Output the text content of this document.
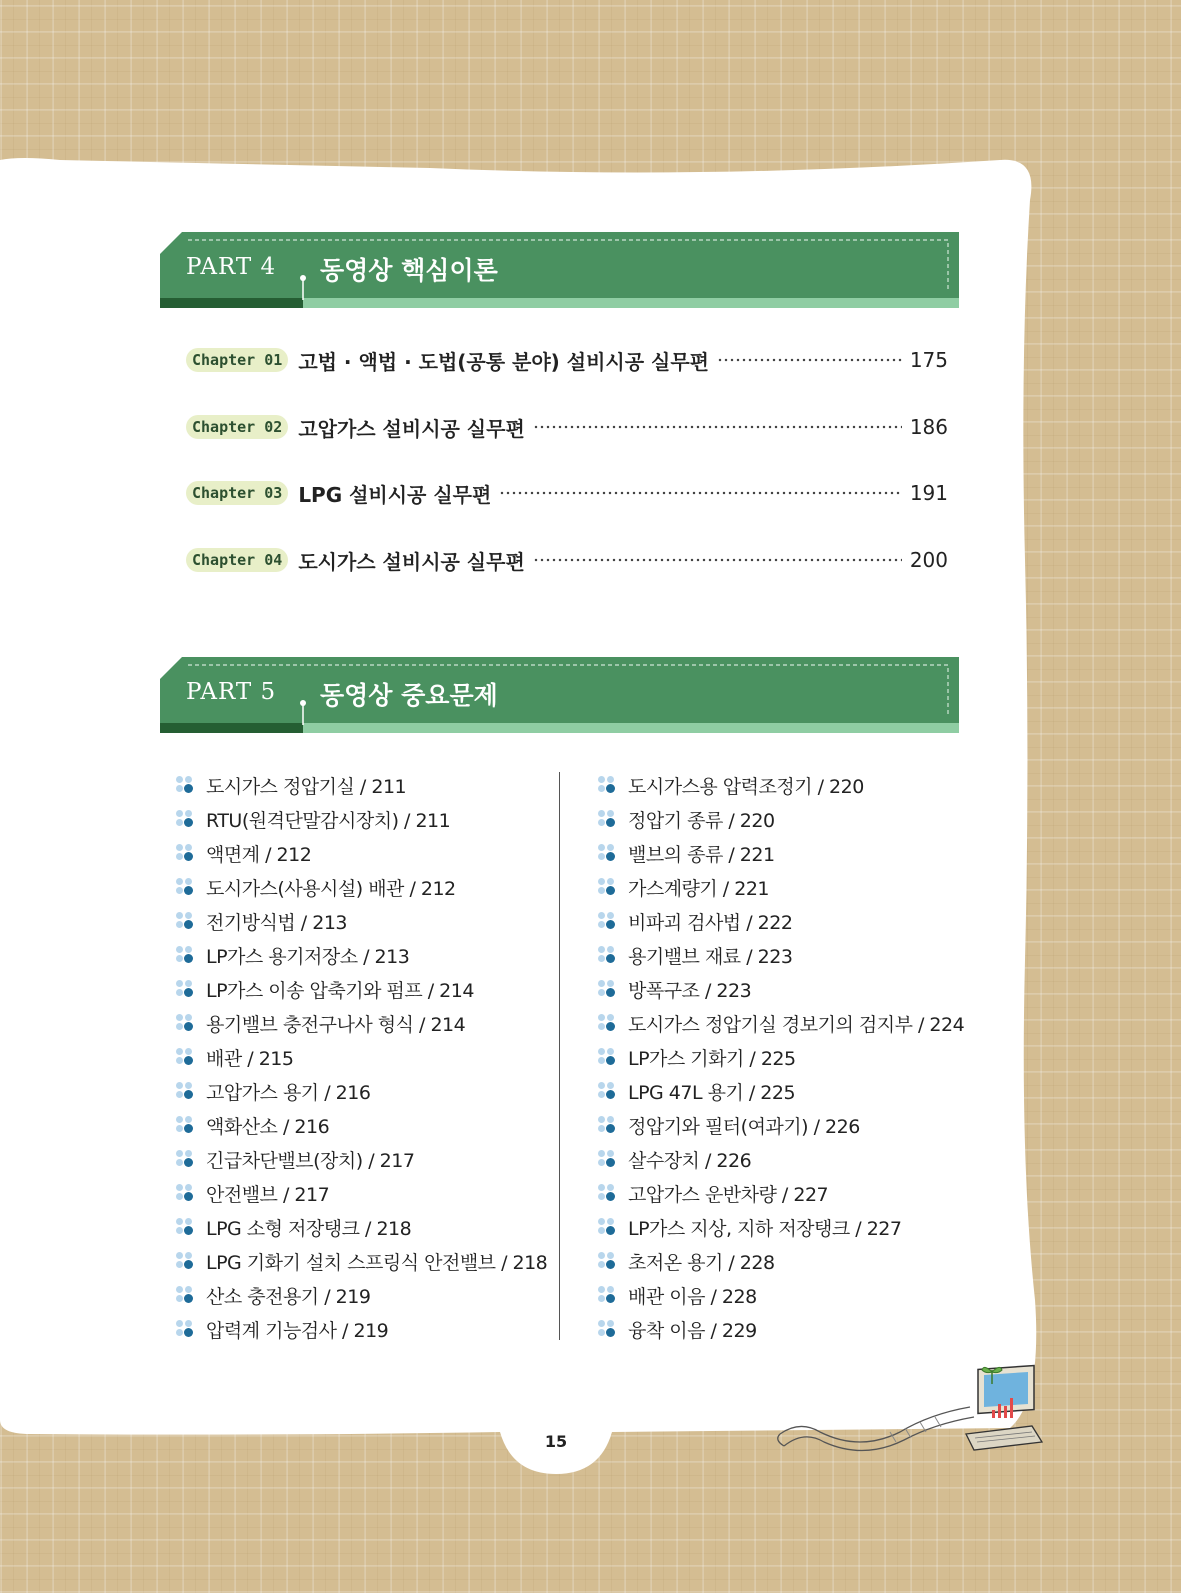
PART 4 동영상 핵심이론
Chapter 01 고법 · 액법 · 도법(공통 분야) 설비시공 실무편	175
Chapter 02 고압가스 설비시공 실무편	186
Chapter 03 LPG 설비시공 실무편	191
Chapter 04 도시가스 설비시공 실무편	200
PART 5 동영상 중요문제
도시가스 정압기실 / 211
RTU(원격단말감시장치) / 211
액면계 / 212
도시가스(사용시설) 배관 / 212
전기방식법 / 213
LP가스 용기저장소 / 213
LP가스 이송 압축기와 펌프 / 214
용기밸브 충전구나사 형식 / 214
배관 / 215
고압가스 용기 / 216
액화산소 / 216
긴급차단밸브(장치) / 217
안전밸브 / 217
LPG 소형 저장탱크 / 218
LPG 기화기 설치 스프링식 안전밸브 / 218
산소 충전용기 / 219
압력계 기능검사 / 219
도시가스용 압력조정기 / 220
정압기 종류 / 220
밸브의 종류 / 221
가스계량기 / 221
비파괴 검사법 / 222
용기밸브 재료 / 223
방폭구조 / 223
도시가스 정압기실 경보기의 검지부 / 224
LP가스 기화기 / 225
LPG 47L 용기 / 225
정압기와 필터(여과기) / 226
살수장치 / 226
고압가스 운반차량 / 227
LP가스 지상, 지하 저장탱크 / 227
초저온 용기 / 228
배관 이음 / 228
융착 이음 / 229
15
